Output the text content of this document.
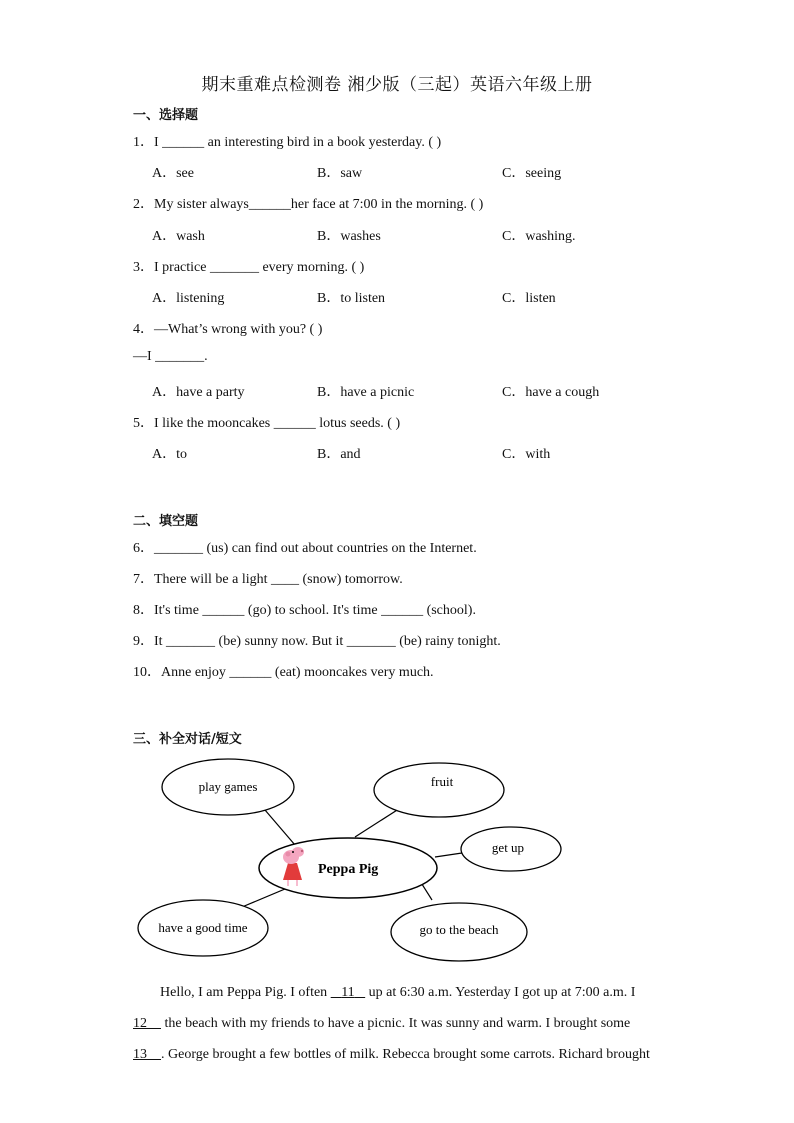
期末重难点检测卷 湘少版（三起）英语六年级上册
一、选择题
1．I ______ an interesting bird in a book yesterday. ( )
A．see	B．saw	C．seeing
2．My sister always______her face at 7:00 in the morning. ( )
A．wash	B．washes	C．washing.
3．I practice _______ every morning. ( )
A．listening	B．to listen	C．listen
4．—What’s wrong with you? ( )
—I _______.
A．have a party	B．have a picnic	C．have a cough
5．I like the mooncakes ______ lotus seeds. ( )
A．to	B．and	C．with
二、填空题
6．_______ (us) can find out about countries on the Internet.
7．There will be a light ____ (snow) tomorrow.
8．It's time ______ (go) to school. It's time ______ (school).
9．It _______ (be) sunny now. But it _______ (be) rainy tonight.
10．Anne enjoy ______ (eat) mooncakes very much.
三、补全对话/短文
Peppa Pig
play games	fruit
get up
have a good time	go to the beach
Hello, I am Peppa Pig. I often    11    up at 6:30 a.m. Yesterday I got up at 7:00 a.m. I
12     the beach with my friends to have a picnic. It was sunny and warm. I brought some
13 . George brought a few bottles of milk. Rebecca brought some carrots. Richard brought
